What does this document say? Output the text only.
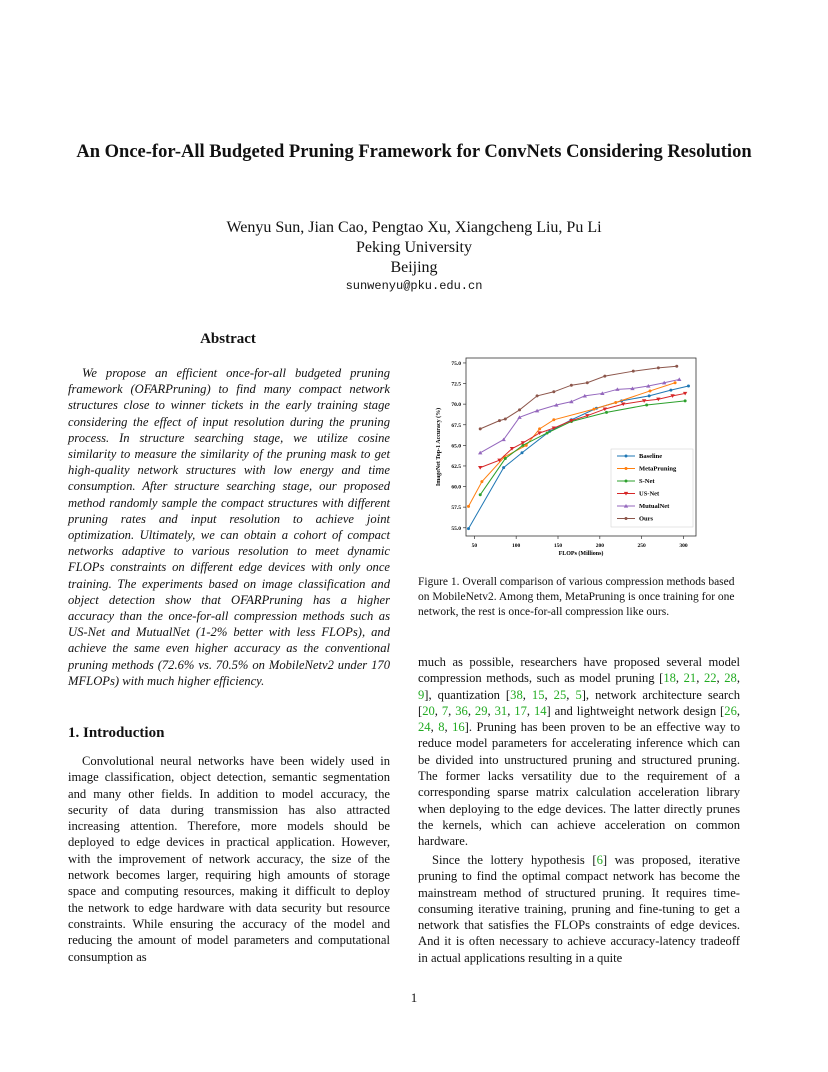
An Once-for-All Budgeted Pruning Framework for ConvNets Considering Resolution
Wenyu Sun, Jian Cao, Pengtao Xu, Xiangcheng Liu, Pu Li
Peking University
Beijing
sunwenyu@pku.edu.cn
Abstract

We propose an efficient once-for-all budgeted pruning framework (OFARPruning) to find many compact network structures close to winner tickets in the early training stage considering the effect of input resolution during the pruning process. In structure searching stage, we utilize cosine similarity to measure the similarity of the pruning mask to get high-quality network structures with low energy and time consumption. After structure searching stage, our proposed method randomly sample the compact structures with different pruning rates and input resolution to achieve joint optimization. Ultimately, we can obtain a cohort of compact networks adaptive to various resolution to meet dynamic FLOPs constraints on different edge devices with only once training. The experiments based on image classification and object detection show that OFARPruning has a higher accuracy than the once-for-all compression methods such as US-Net and MutualNet (1-2% better with less FLOPs), and achieve the same even higher accuracy as the conventional pruning methods (72.6% vs. 70.5% on MobileNetv2 under 170 MFLOPs) with much higher efficiency.

1. Introduction

Convolutional neural networks have been widely used in image classification, object detection, semantic segmentation and many other fields. In addition to model accuracy, the security of data during transmission has also attracted increasing attention. Therefore, more models should be deployed to edge devices in practical application. However, with the improvement of network accuracy, the size of the network becomes larger, requiring high amounts of storage space and computing resources, making it difficult to deploy the network to edge hardware with data security but resource constraints. While ensuring the accuracy of the model and reducing the amount of model parameters and computational consumption as

50	100	150	200	250	300
55.0
57.5
60.0
62.5
65.0
67.5
70.0
72.5
75.0
FLOPs (Millions)
ImageNet Top-1 Accuracy (%)	Baseline
MetaPruning
S-Net
US-Net
MutualNet
Ours

Figure 1. Overall comparison of various compression methods based on MobileNetv2. Among them, MetaPruning is once training for one network, the rest is once-for-all compression like ours.

much as possible, researchers have proposed several model compression methods, such as model pruning [18, 21, 22, 28, 9], quantization [38, 15, 25, 5], network architecture search [20, 7, 36, 29, 31, 17, 14] and lightweight network design [26, 24, 8, 16]. Pruning has been proven to be an effective way to reduce model parameters for accelerating inference which can be divided into unstructured pruning and structured pruning. The former lacks versatility due to the requirement of a corresponding sparse matrix calculation acceleration library when deploying to the edge devices. The latter directly prunes the kernels, which can achieve acceleration on common hardware.

Since the lottery hypothesis [6] was proposed, iterative pruning to find the optimal compact network has become the mainstream method of structured pruning. It requires time-consuming iterative training, pruning and fine-tuning to get a network that satisfies the FLOPs constraints of edge devices. And it is often necessary to achieve accuracy-latency tradeoff in actual applications resulting in a quite

1
